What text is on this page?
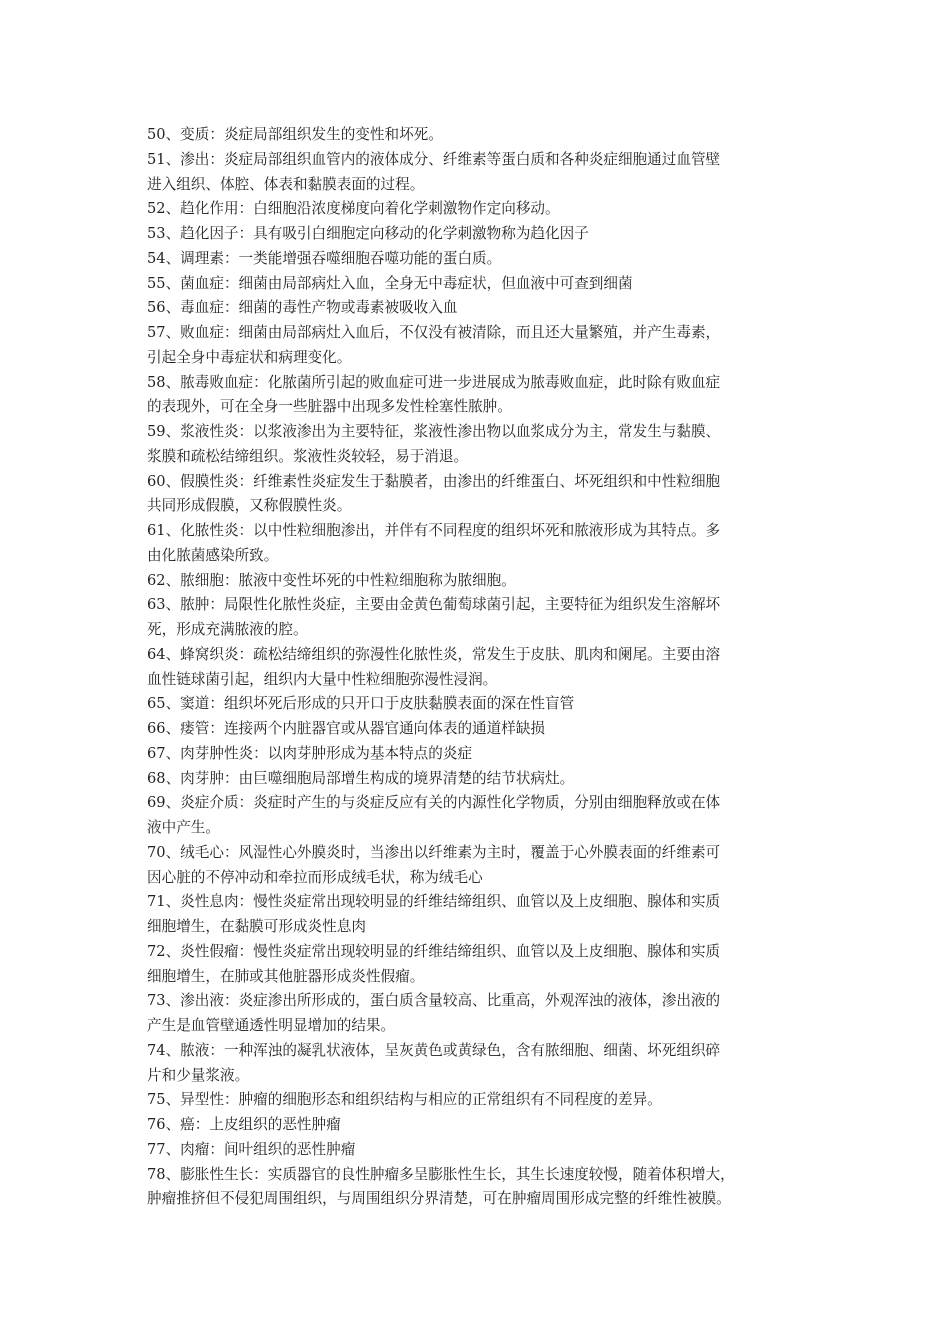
50、变质：炎症局部组织发生的变性和坏死。

51、渗出：炎症局部组织血管内的液体成分、纤维素等蛋白质和各种炎症细胞通过血管壁
进入组织、体腔、体表和黏膜表面的过程。

52、趋化作用：白细胞沿浓度梯度向着化学刺激物作定向移动。

53、趋化因子：具有吸引白细胞定向移动的化学刺激物称为趋化因子

54、调理素：一类能增强吞噬细胞吞噬功能的蛋白质。

55、菌血症：细菌由局部病灶入血，全身无中毒症状，但血液中可查到细菌

56、毒血症：细菌的毒性产物或毒素被吸收入血

57、败血症：细菌由局部病灶入血后，不仅没有被清除，而且还大量繁殖，并产生毒素，
引起全身中毒症状和病理变化。

58、脓毒败血症：化脓菌所引起的败血症可进一步进展成为脓毒败血症，此时除有败血症
的表现外，可在全身一些脏器中出现多发性栓塞性脓肿。

59、浆液性炎：以浆液渗出为主要特征，浆液性渗出物以血浆成分为主，常发生与黏膜、
浆膜和疏松结缔组织。浆液性炎较轻，易于消退。

60、假膜性炎：纤维素性炎症发生于黏膜者，由渗出的纤维蛋白、坏死组织和中性粒细胞
共同形成假膜，又称假膜性炎。

61、化脓性炎：以中性粒细胞渗出，并伴有不同程度的组织坏死和脓液形成为其特点。多
由化脓菌感染所致。

62、脓细胞：脓液中变性坏死的中性粒细胞称为脓细胞。

63、脓肿：局限性化脓性炎症，主要由金黄色葡萄球菌引起，主要特征为组织发生溶解坏
死，形成充满脓液的腔。

64、蜂窝织炎：疏松结缔组织的弥漫性化脓性炎，常发生于皮肤、肌肉和阑尾。主要由溶
血性链球菌引起，组织内大量中性粒细胞弥漫性浸润。

65、窦道：组织坏死后形成的只开口于皮肤黏膜表面的深在性盲管

66、瘘管：连接两个内脏器官或从器官通向体表的通道样缺损

67、肉芽肿性炎：以肉芽肿形成为基本特点的炎症

68、肉芽肿：由巨噬细胞局部增生构成的境界清楚的结节状病灶。

69、炎症介质：炎症时产生的与炎症反应有关的内源性化学物质，分别由细胞释放或在体
液中产生。

70、绒毛心：风湿性心外膜炎时，当渗出以纤维素为主时，覆盖于心外膜表面的纤维素可
因心脏的不停冲动和牵拉而形成绒毛状，称为绒毛心

71、炎性息肉：慢性炎症常出现较明显的纤维结缔组织、血管以及上皮细胞、腺体和实质
细胞增生，在黏膜可形成炎性息肉

72、炎性假瘤：慢性炎症常出现较明显的纤维结缔组织、血管以及上皮细胞、腺体和实质
细胞增生，在肺或其他脏器形成炎性假瘤。

73、渗出液：炎症渗出所形成的，蛋白质含量较高、比重高，外观浑浊的液体，渗出液的
产生是血管壁通透性明显增加的结果。

74、脓液：一种浑浊的凝乳状液体，呈灰黄色或黄绿色，含有脓细胞、细菌、坏死组织碎
片和少量浆液。

75、异型性：肿瘤的细胞形态和组织结构与相应的正常组织有不同程度的差异。

76、癌：上皮组织的恶性肿瘤

77、肉瘤：间叶组织的恶性肿瘤

78、膨胀性生长：实质器官的良性肿瘤多呈膨胀性生长，其生长速度较慢，随着体积增大，
肿瘤推挤但不侵犯周围组织，与周围组织分界清楚，可在肿瘤周围形成完整的纤维性被膜。
